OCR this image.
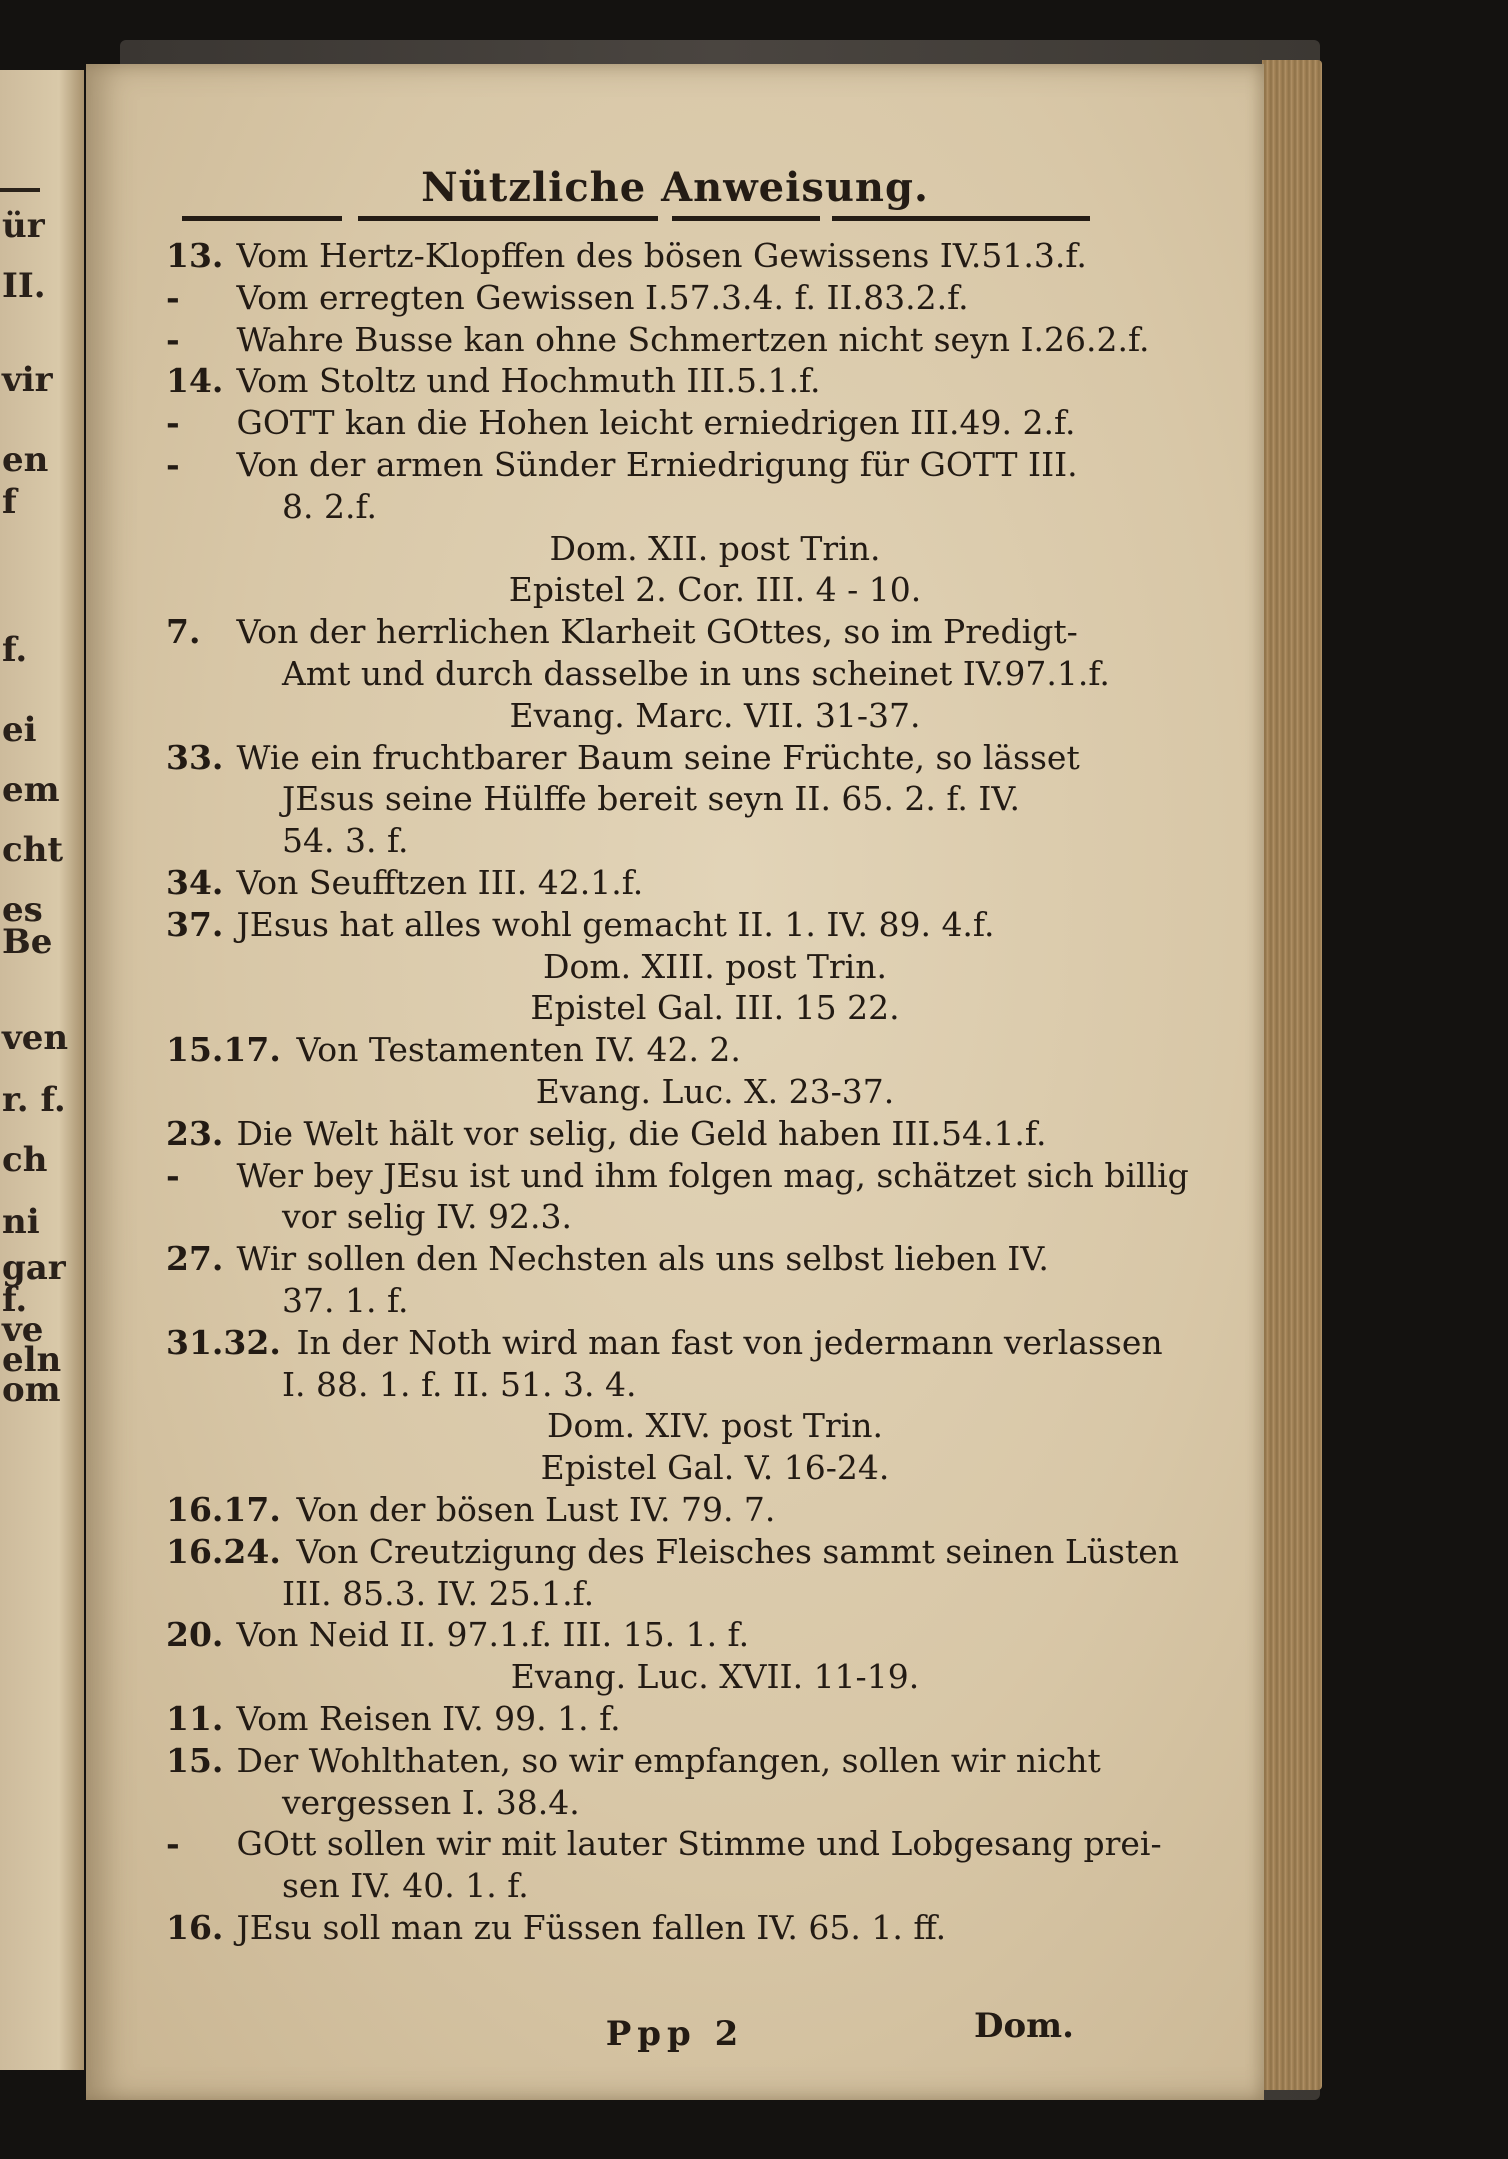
ür
II.
vir
en
f
f.
ei
em
cht
es
Be
ven
r. f.
ch
ni
gar
f.
ve
eln
om
Nützliche Anweisung.
13. Vom Hertz-Klopffen des bösen Gewissens IV.51.3.f.
- Vom erregten Gewissen I.57.3.4. f. II.83.2.f.
- Wahre Busse kan ohne Schmertzen nicht seyn I.26.2.f.
14. Vom Stoltz und Hochmuth III.5.1.f.
- GOTT kan die Hohen leicht erniedrigen III.49. 2.f.
- Von der armen Sünder Erniedrigung für GOTT III.
8. 2.f.
Dom. XII. post Trin.
Epistel 2. Cor. III. 4 - 10.
7. Von der herrlichen Klarheit GOttes, so im Predigt-
Amt und durch dasselbe in uns scheinet IV.97.1.f.
Evang. Marc. VII. 31-37.
33. Wie ein fruchtbarer Baum seine Früchte, so lässet
JEsus seine Hülffe bereit seyn II. 65. 2. f. IV.
54. 3. f.
34. Von Seufftzen III. 42.1.f.
37. JEsus hat alles wohl gemacht II. 1. IV. 89. 4.f.
Dom. XIII. post Trin.
Epistel Gal. III. 15 22.
15.17. Von Testamenten IV. 42. 2.
Evang. Luc. X. 23-37.
23. Die Welt hält vor selig, die Geld haben III.54.1.f.
- Wer bey JEsu ist und ihm folgen mag, schätzet sich billig
vor selig IV. 92.3.
27. Wir sollen den Nechsten als uns selbst lieben IV.
37. 1. f.
31.32. In der Noth wird man fast von jedermann verlassen
I. 88. 1. f. II. 51. 3. 4.
Dom. XIV. post Trin.
Epistel Gal. V. 16-24.
16.17. Von der bösen Lust IV. 79. 7.
16.24. Von Creutzigung des Fleisches sammt seinen Lüsten
III. 85.3. IV. 25.1.f.
20. Von Neid II. 97.1.f. III. 15. 1. f.
Evang. Luc. XVII. 11-19.
11. Vom Reisen IV. 99. 1. f.
15. Der Wohlthaten, so wir empfangen, sollen wir nicht
vergessen I. 38.4.
- GOtt sollen wir mit lauter Stimme und Lobgesang prei-
sen IV. 40. 1. f.
16. JEsu soll man zu Füssen fallen IV. 65. 1. ff.
Ppp 2	Dom.
